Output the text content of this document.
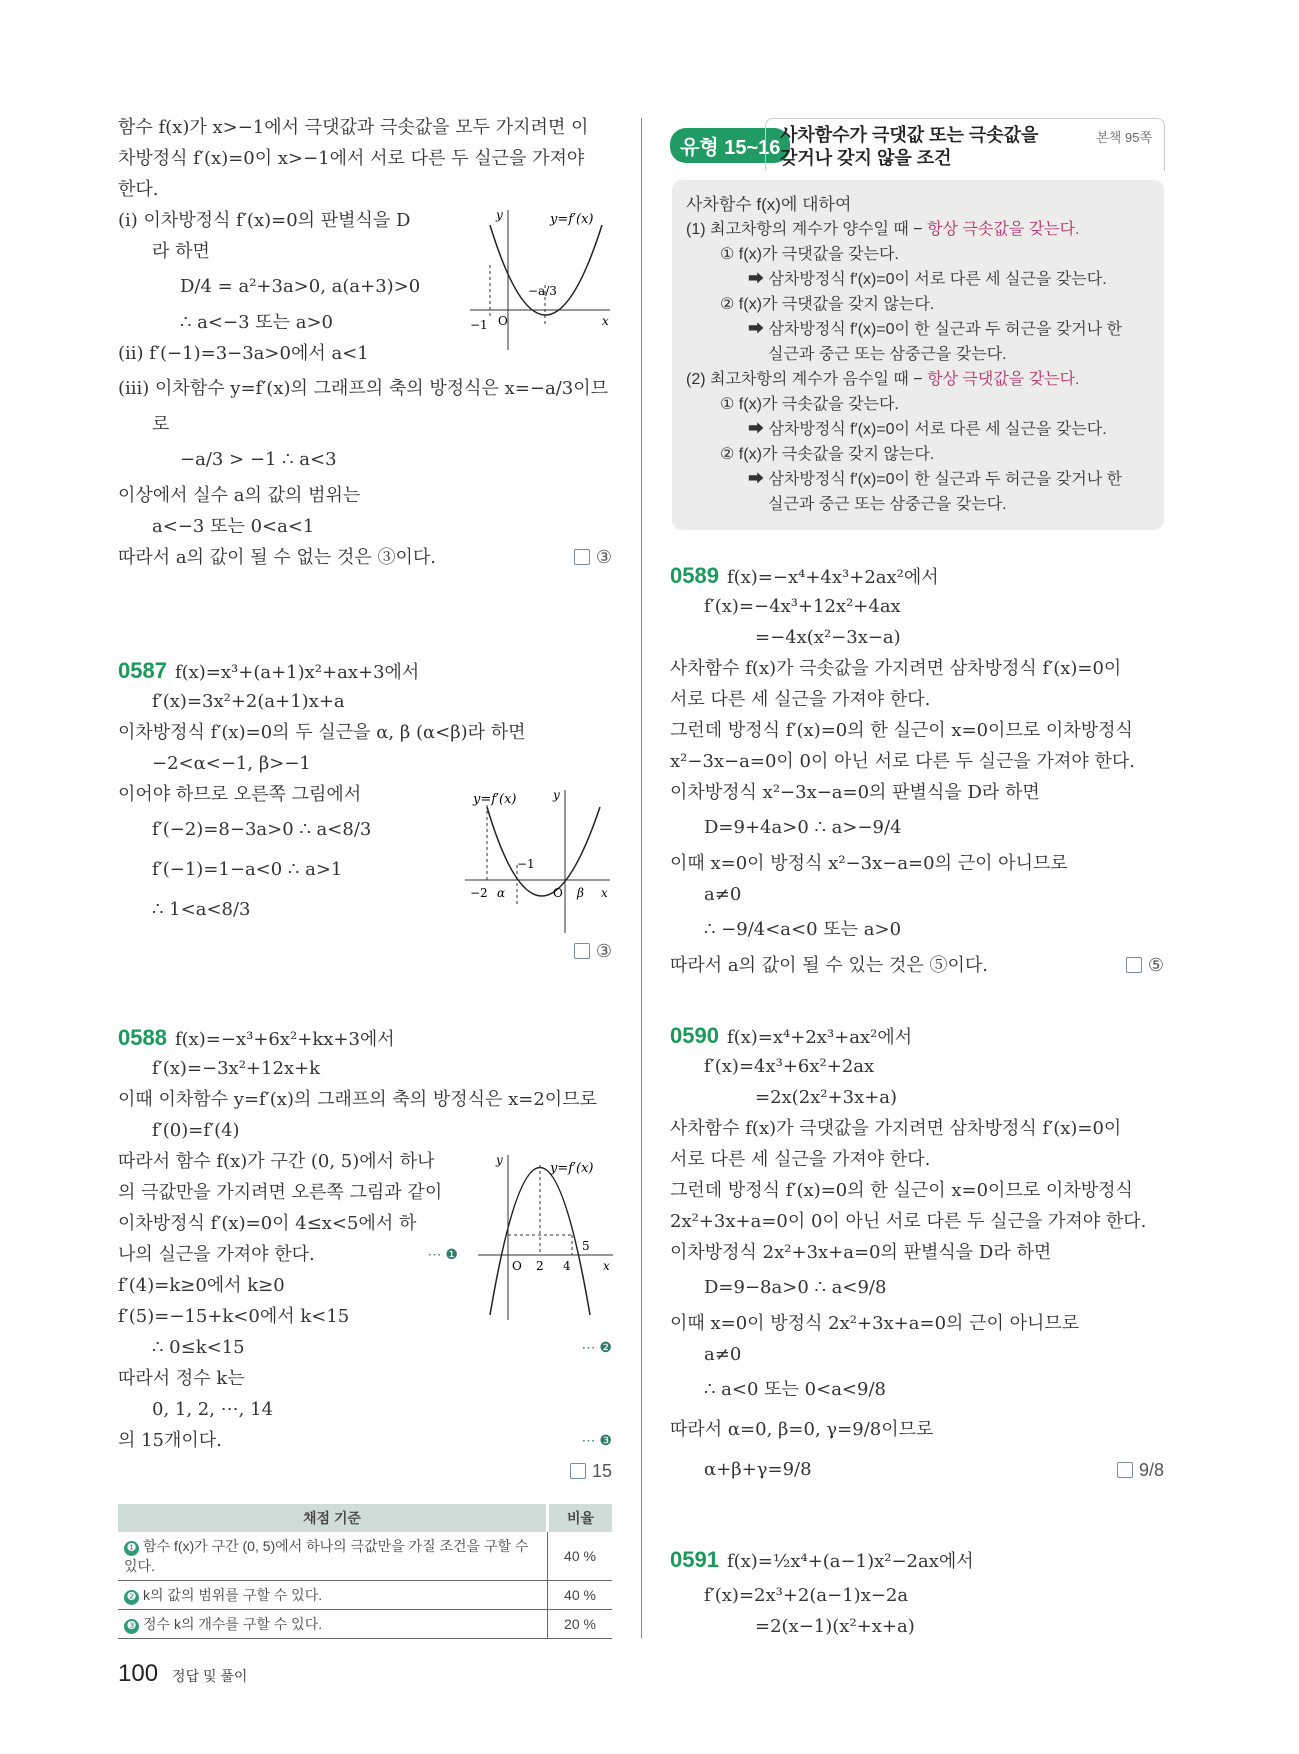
함수 f(x)가 x>−1에서 극댓값과 극솟값을 모두 가지려면 이
차방정식 f′(x)=0이 x>−1에서 서로 다른 두 실근을 가져야
한다.
(i) 이차방정식 f′(x)=0의 판별식을 D
라 하면
D/4 = a²+3a>0, a(a+3)>0
∴ a<−3 또는 a>0
(ii) f′(−1)=3−3a>0에서 a<1
(iii) 이차함수 y=f′(x)의 그래프의 축의 방정식은 x=−a/3이므
로
−a/3 > −1 ∴ a<3
이상에서 실수 a의 값의 범위는
a<−3 또는 0<a<1
따라서 a의 값이 될 수 없는 것은 ③이다.	③
y=f′(x)
−1 O
−a/3
x
y
0587 f(x)=x³+(a+1)x²+ax+3에서
f′(x)=3x²+2(a+1)x+a
이차방정식 f′(x)=0의 두 실근을 α, β (α<β)라 하면
−2<α<−1, β>−1
이어야 하므로 오른쪽 그림에서
f′(−2)=8−3a>0 ∴ a<8/3
f′(−1)=1−a<0 ∴ a>1
∴ 1<a<8/3
③
y=f′(x)
−2 α
−1
O β x
y
0588 f(x)=−x³+6x²+kx+3에서
f′(x)=−3x²+12x+k
이때 이차함수 y=f′(x)의 그래프의 축의 방정식은 x=2이므로
f′(0)=f′(4)
따라서 함수 f(x)가 구간 (0, 5)에서 하나
의 극값만을 가지려면 오른쪽 그림과 같이
이차방정식 f′(x)=0이 4≤x<5에서 하
나의 실근을 가져야 한다.	⋯ ❶
f′(4)=k≥0에서 k≥0
f′(5)=−15+k<0에서 k<15
∴ 0≤k<15	⋯ ❷
따라서 정수 k는
0, 1, 2, ⋯, 14
의 15개이다.	⋯ ❸
15
y=f′(x)
O 2 4
5
x
y
채점 기준	비율
❶ 함수 f(x)가 구간 (0, 5)에서 하나의 극값만을 가질 조건을 구할 수 있다.	40 %
❷ k의 값의 범위를 구할 수 있다.	40 %
❸ 정수 k의 개수를 구할 수 있다.	20 %
100 정답 및 풀이
유형 15~16
사차함수가 극댓값 또는 극솟값을
갖거나 갖지 않을 조건
본책 95쪽
사차함수 f(x)에 대하여
(1) 최고차항의 계수가 양수일 때 − 항상 극솟값을 갖는다.
① f(x)가 극댓값을 갖는다.
➡ 삼차방정식 f′(x)=0이 서로 다른 세 실근을 갖는다.
② f(x)가 극댓값을 갖지 않는다.
➡ 삼차방정식 f′(x)=0이 한 실근과 두 허근을 갖거나 한
실근과 중근 또는 삼중근을 갖는다.
(2) 최고차항의 계수가 음수일 때 − 항상 극댓값을 갖는다.
① f(x)가 극솟값을 갖는다.
➡ 삼차방정식 f′(x)=0이 서로 다른 세 실근을 갖는다.
② f(x)가 극솟값을 갖지 않는다.
➡ 삼차방정식 f′(x)=0이 한 실근과 두 허근을 갖거나 한
실근과 중근 또는 삼중근을 갖는다.
0589 f(x)=−x⁴+4x³+2ax²에서
f′(x)=−4x³+12x²+4ax
=−4x(x²−3x−a)
사차함수 f(x)가 극솟값을 가지려면 삼차방정식 f′(x)=0이
서로 다른 세 실근을 가져야 한다.
그런데 방정식 f′(x)=0의 한 실근이 x=0이므로 이차방정식
x²−3x−a=0이 0이 아닌 서로 다른 두 실근을 가져야 한다.
이차방정식 x²−3x−a=0의 판별식을 D라 하면
D=9+4a>0 ∴ a>−9/4
이때 x=0이 방정식 x²−3x−a=0의 근이 아니므로
a≠0
∴ −9/4<a<0 또는 a>0
따라서 a의 값이 될 수 있는 것은 ⑤이다.	⑤
0590 f(x)=x⁴+2x³+ax²에서
f′(x)=4x³+6x²+2ax
=2x(2x²+3x+a)
사차함수 f(x)가 극댓값을 가지려면 삼차방정식 f′(x)=0이
서로 다른 세 실근을 가져야 한다.
그런데 방정식 f′(x)=0의 한 실근이 x=0이므로 이차방정식
2x²+3x+a=0이 0이 아닌 서로 다른 두 실근을 가져야 한다.
이차방정식 2x²+3x+a=0의 판별식을 D라 하면
D=9−8a>0 ∴ a<9/8
이때 x=0이 방정식 2x²+3x+a=0의 근이 아니므로
a≠0
∴ a<0 또는 0<a<9/8
따라서 α=0, β=0, γ=9/8이므로
α+β+γ=9/8	9/8
0591 f(x)=½x⁴+(a−1)x²−2ax에서
f′(x)=2x³+2(a−1)x−2a
=2(x−1)(x²+x+a)
